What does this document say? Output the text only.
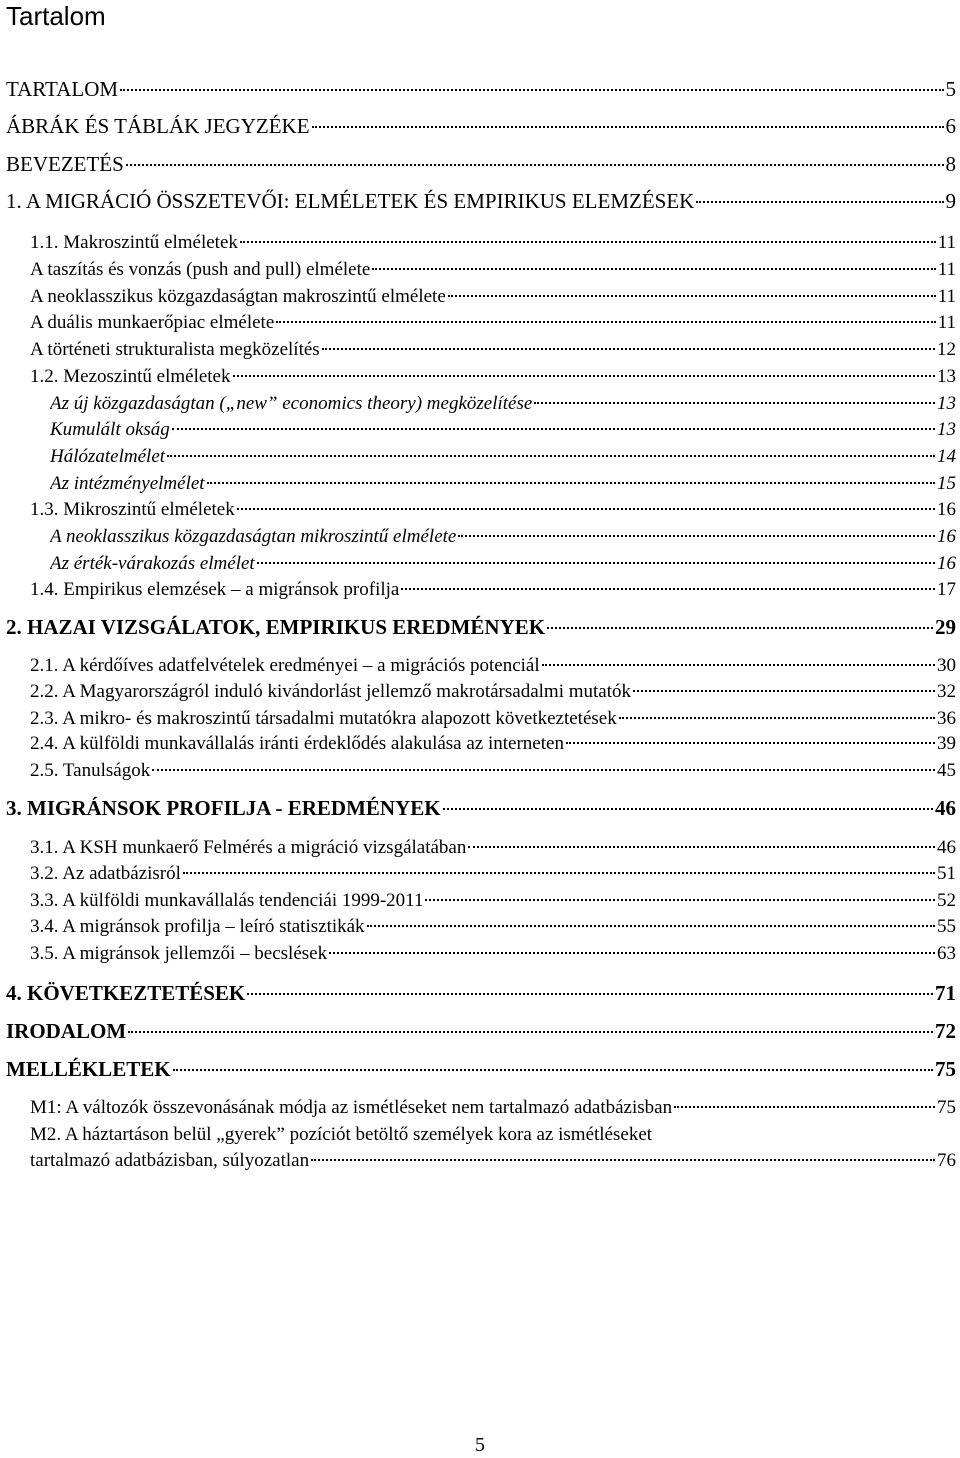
Tartalom
TARTALOM	5
ÁBRÁK ÉS TÁBLÁK JEGYZÉKE	6
BEVEZETÉS	8
1. A MIGRÁCIÓ ÖSSZETEVŐI: ELMÉLETEK ÉS EMPIRIKUS ELEMZÉSEK	9
1.1. Makroszintű elméletek	11
A taszítás és vonzás (push and pull) elmélete	11
A neoklasszikus közgazdaságtan makroszintű elmélete	11
A duális munkaerőpiac elmélete	11
A történeti strukturalista megközelítés	12
1.2. Mezoszintű elméletek	13
Az új közgazdaságtan („new” economics theory) megközelítése	13
Kumulált okság	13
Hálózatelmélet	14
Az intézményelmélet	15
1.3. Mikroszintű elméletek	16
A neoklasszikus közgazdaságtan mikroszintű elmélete	16
Az érték-várakozás elmélet	16
1.4. Empirikus elemzések – a migránsok profilja	17
2. HAZAI VIZSGÁLATOK, EMPIRIKUS EREDMÉNYEK	29
2.1. A kérdőíves adatfelvételek eredményei – a migrációs potenciál	30
2.2. A Magyarországról induló kivándorlást jellemző makrotársadalmi mutatók	32
2.3. A mikro- és makroszintű társadalmi mutatókra alapozott következtetések	36
2.4. A külföldi munkavállalás iránti érdeklődés alakulása az interneten	39
2.5. Tanulságok	45
3. MIGRÁNSOK PROFILJA - EREDMÉNYEK	46
3.1. A KSH munkaerő Felmérés a migráció vizsgálatában	46
3.2. Az adatbázisról	51
3.3. A külföldi munkavállalás tendenciái 1999-2011	52
3.4. A migránsok profilja – leíró statisztikák	55
3.5. A migránsok jellemzői – becslések	63
4. KÖVETKEZTETÉSEK	71
IRODALOM	72
MELLÉKLETEK	75
M1: A változók összevonásának módja az ismétléseket nem tartalmazó adatbázisban	75
M2. A háztartáson belül „gyerek” pozíciót betöltő személyek kora az ismétléseket
tartalmazó adatbázisban, súlyozatlan	76
5
